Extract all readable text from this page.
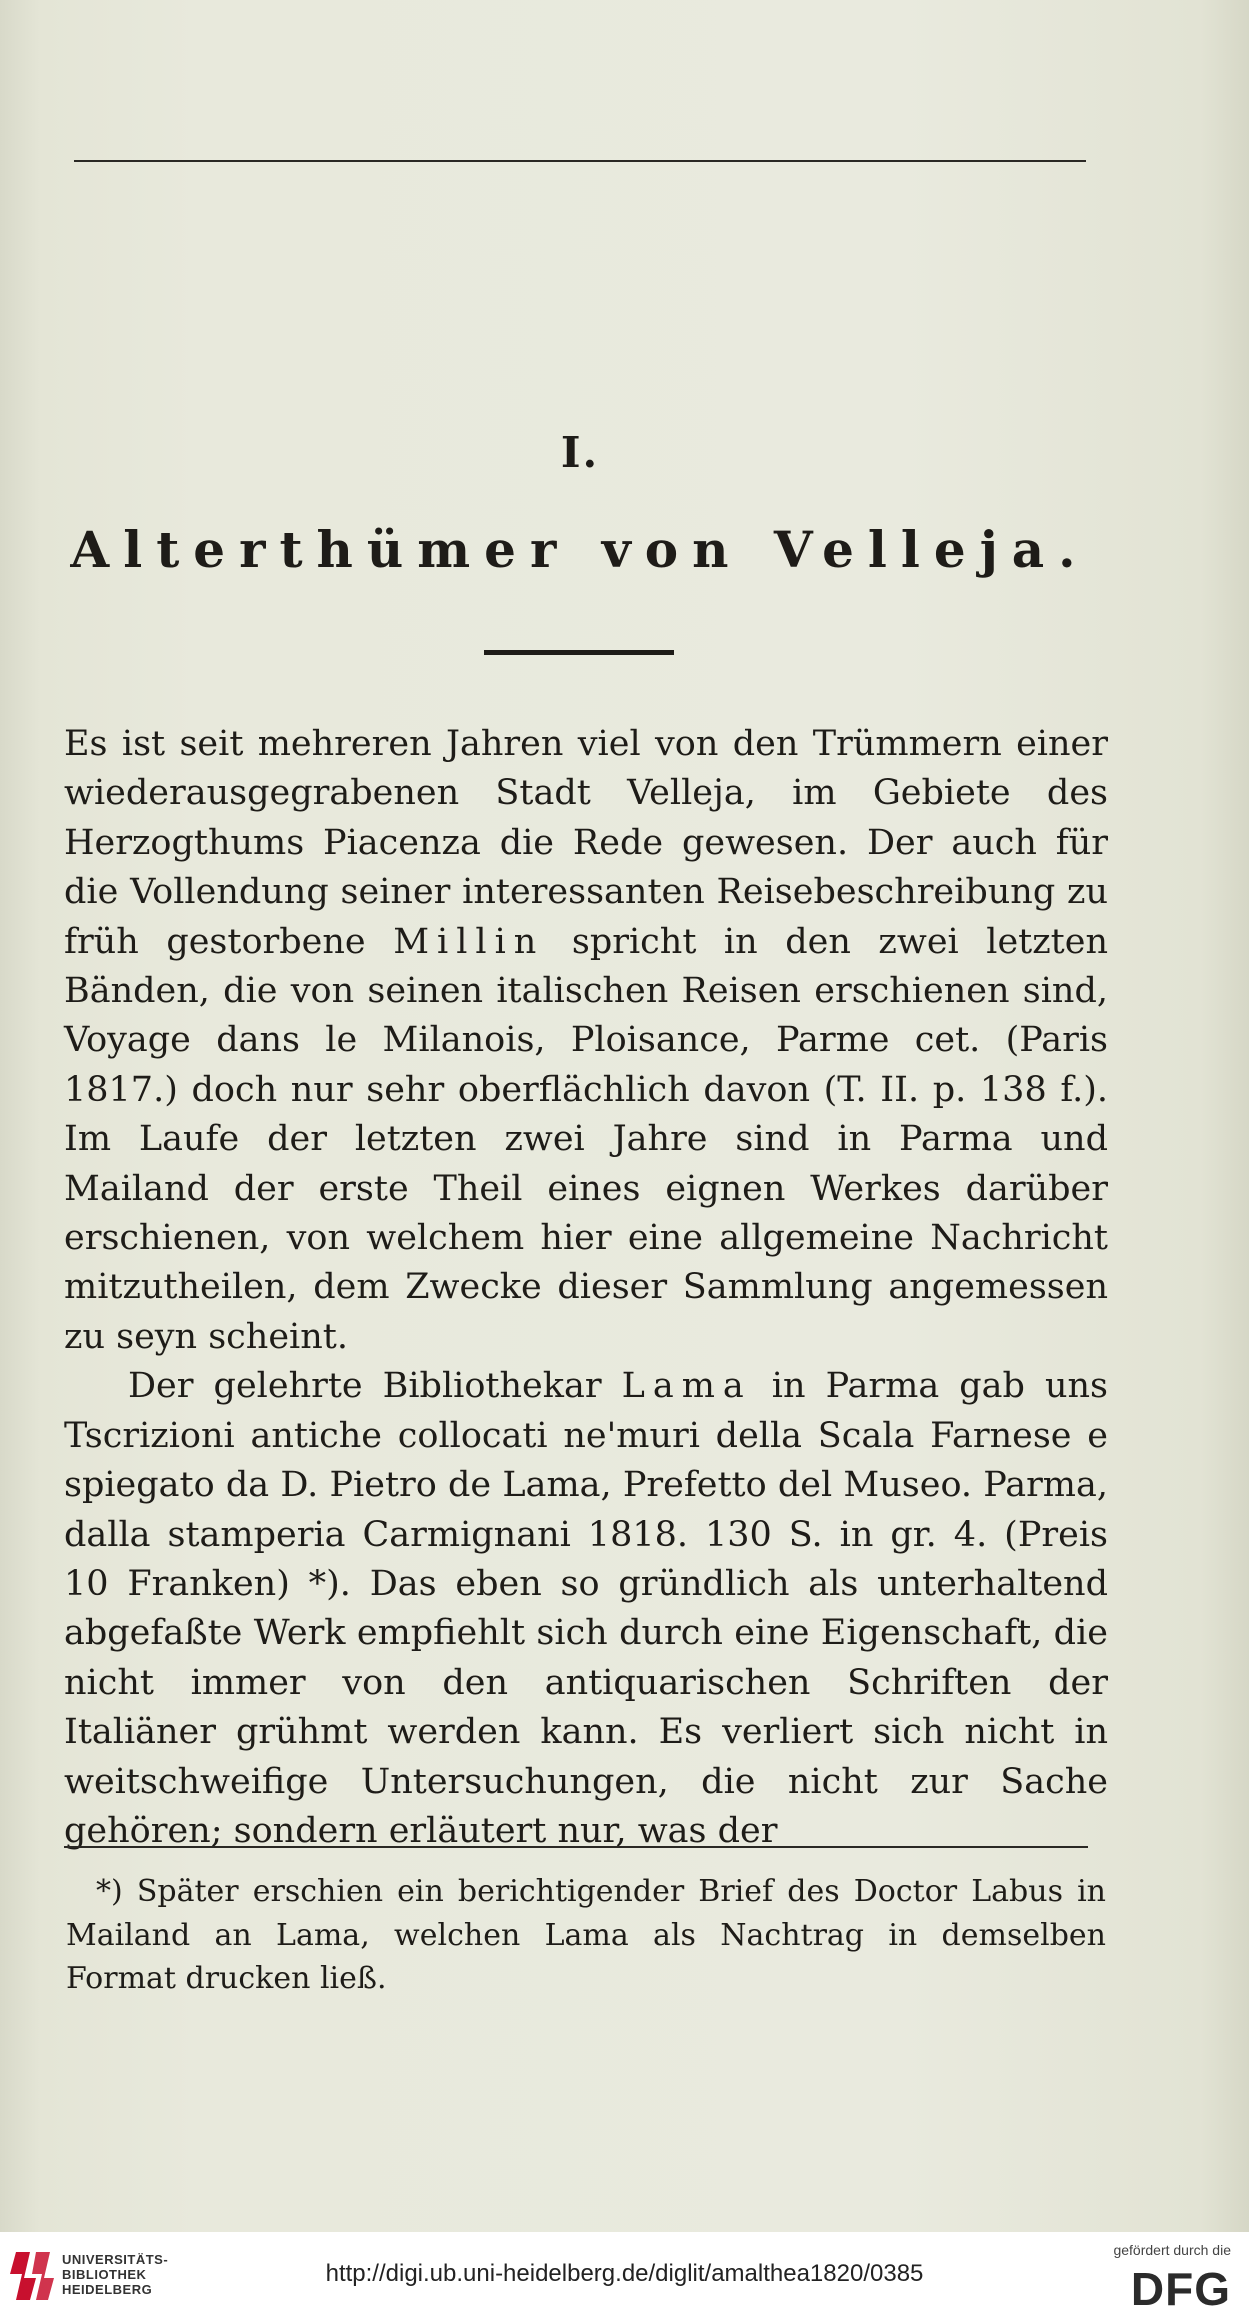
I.
Alterthümer von Velleja.

Es ist seit mehreren Jahren viel von den Trümmern einer wiederausgegrabenen Stadt Velleja, im Gebiete des Herzogthums Piacenza die Rede gewesen. Der auch für die Vollendung seiner interessanten Reisebeschreibung zu früh gestorbene Millin spricht in den zwei letzten Bänden, die von seinen italischen Reisen erschienen sind, Voyage dans le Milanois, Ploisance, Parme cet. (Paris 1817.) doch nur sehr oberflächlich davon (T. II. p. 138 f.). Im Laufe der letzten zwei Jahre sind in Parma und Mailand der erste Theil eines eignen Werkes darüber erschienen, von welchem hier eine allgemeine Nachricht mitzutheilen, dem Zwecke dieser Sammlung angemessen zu seyn scheint.

Der gelehrte Bibliothekar Lama in Parma gab uns Tscrizioni antiche collocati ne'muri della Scala Farnese e spiegato da D. Pietro de Lama, Prefetto del Museo. Parma, dalla stamperia Carmignani 1818. 130 S. in gr. 4. (Preis 10 Franken) *). Das eben so gründlich als unterhaltend abgefaßte Werk empfiehlt sich durch eine Eigenschaft, die nicht immer von den antiquarischen Schriften der Italiäner grühmt werden kann. Es verliert sich nicht in weitschweifige Untersuchungen, die nicht zur Sache gehören; sondern erläutert nur, was der

*) Später erschien ein berichtigender Brief des Doctor Labus in Mailand an Lama, welchen Lama als Nachtrag in demselben Format drucken ließ.

UNIVERSITÄTS-
BIBLIOTHEK
HEIDELBERG
http://digi.ub.uni-heidelberg.de/diglit/amalthea1820/0385
gefördert durch die
DFG
